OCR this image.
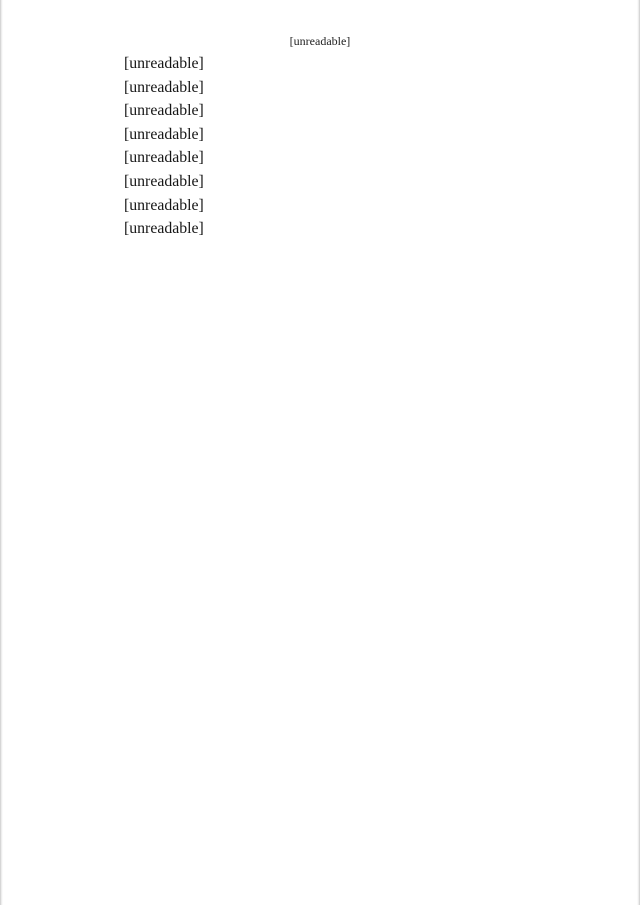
[unreadable]

[unreadable]

[unreadable]

[unreadable]

[unreadable]

[unreadable]

[unreadable]

[unreadable]

[unreadable]
